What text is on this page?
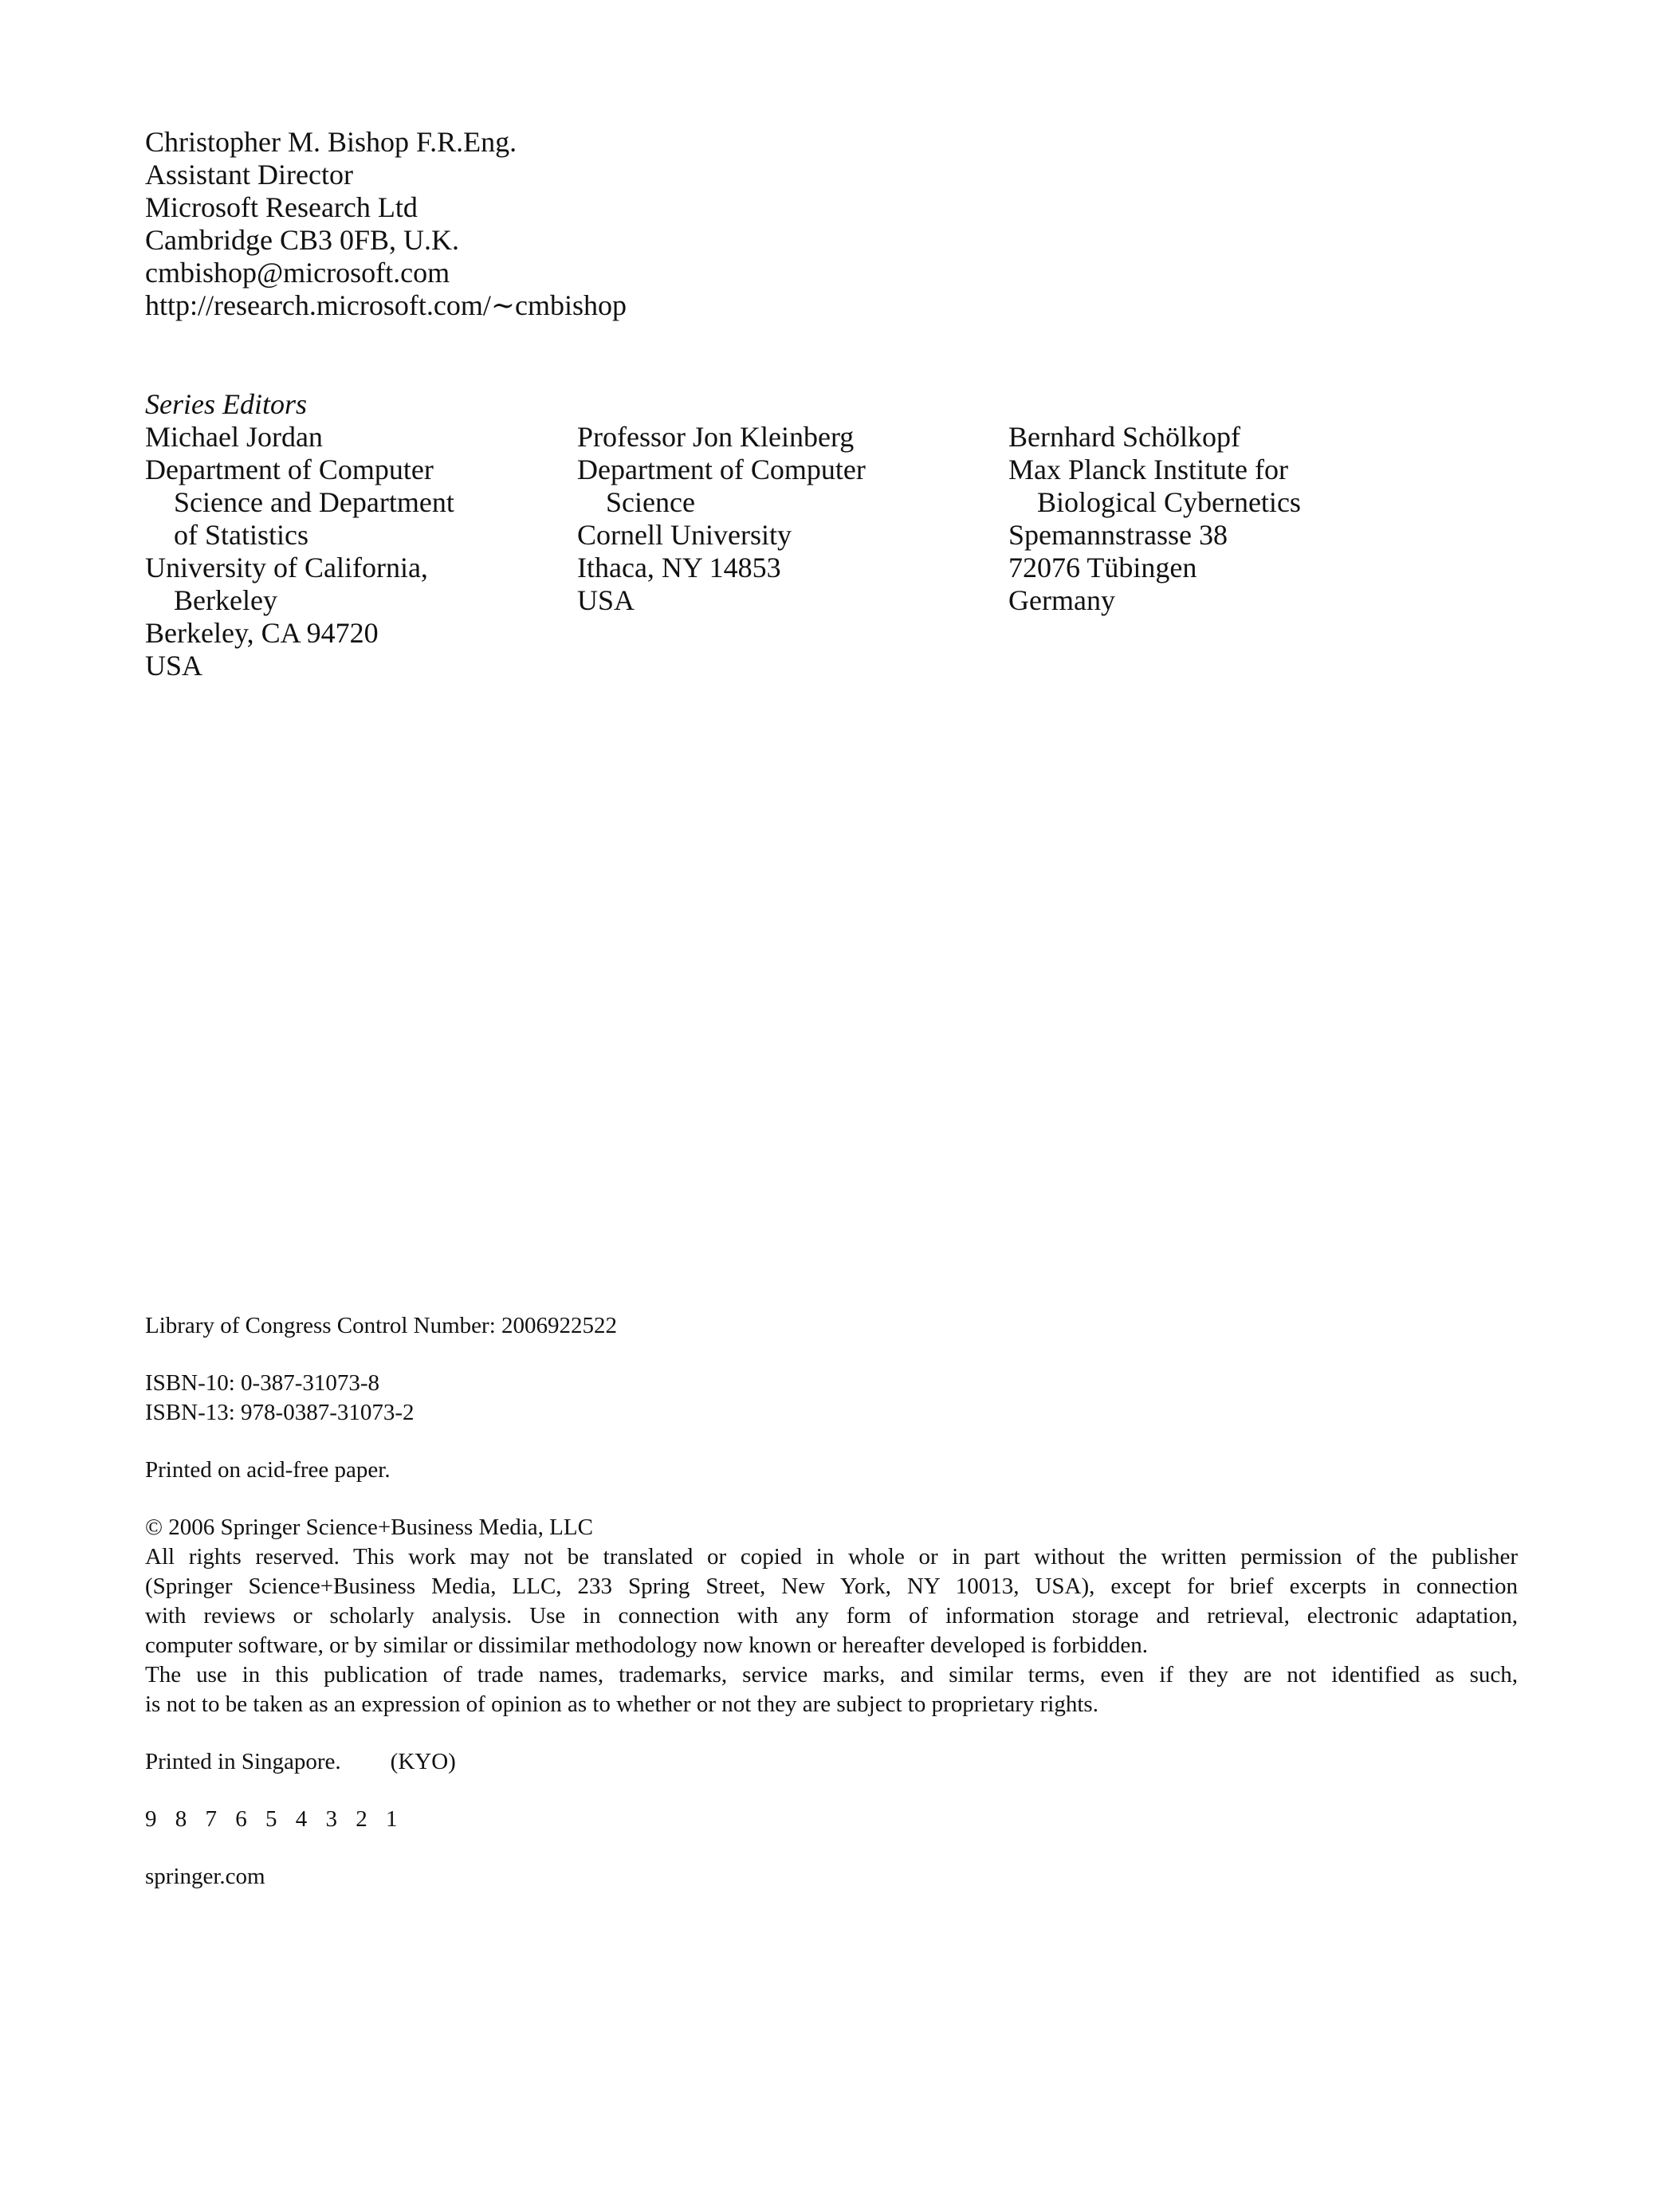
Christopher M. Bishop F.R.Eng.
Assistant Director
Microsoft Research Ltd
Cambridge CB3 0FB, U.K.
cmbishop@microsoft.com
http://research.microsoft.com/∼cmbishop
Series Editors
Michael Jordan
Department of Computer
Science and Department
of Statistics
University of California,
Berkeley
Berkeley, CA 94720
USA
Professor Jon Kleinberg
Department of Computer
Science
Cornell University
Ithaca, NY 14853
USA
Bernhard Schölkopf
Max Planck Institute for
Biological Cybernetics
Spemannstrasse 38
72076 Tübingen
Germany
Library of Congress Control Number: 2006922522
ISBN-10: 0-387-31073-8
ISBN-13: 978-0387-31073-2
Printed on acid-free paper.
© 2006 Springer Science+Business Media, LLC
All rights reserved. This work may not be translated or copied in whole or in part without the written permission of the publisher
(Springer Science+Business Media, LLC, 233 Spring Street, New York, NY 10013, USA), except for brief excerpts in connection
with reviews or scholarly analysis. Use in connection with any form of information storage and retrieval, electronic adaptation,
computer software, or by similar or dissimilar methodology now known or hereafter developed is forbidden.
The use in this publication of trade names, trademarks, service marks, and similar terms, even if they are not identified as such,
is not to be taken as an expression of opinion as to whether or not they are subject to proprietary rights.
Printed in Singapore. (KYO)
9 8 7 6 5 4 3 2 1
springer.com
